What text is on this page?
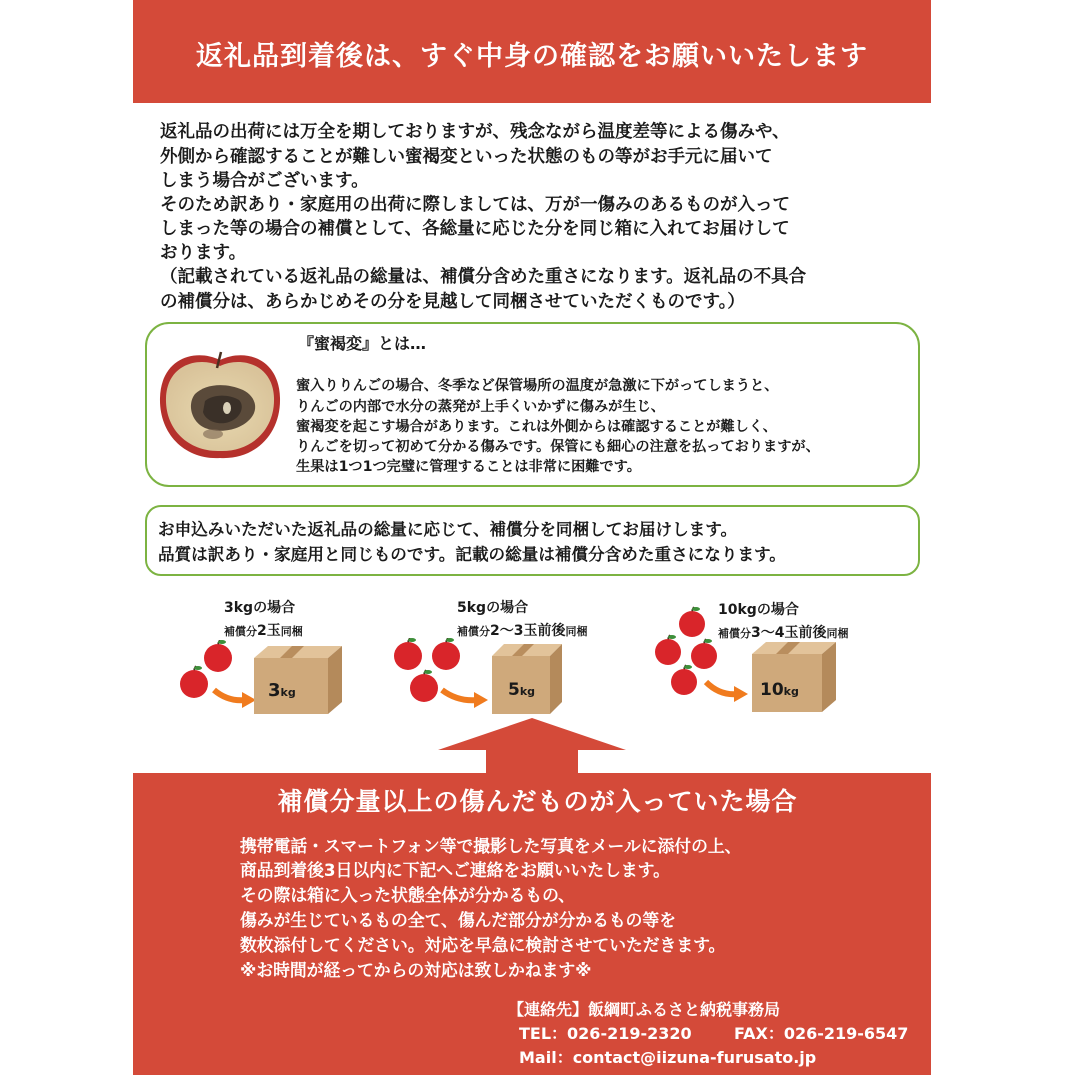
返礼品到着後は、すぐ中身の確認をお願いいたします
返礼品の出荷には万全を期しておりますが、残念ながら温度差等による傷みや、
外側から確認することが難しい蜜褐変といった状態のもの等がお手元に届いて
しまう場合がございます。
そのため訳あり・家庭用の出荷に際しましては、万が一傷みのあるものが入って
しまった等の場合の補償として、各総量に応じた分を同じ箱に入れてお届けして
おります。
（記載されている返礼品の総量は、補償分含めた重さになります。返礼品の不具合
の補償分は、あらかじめその分を見越して同梱させていただくものです。）
『蜜褐変』とは…
蜜入りりんごの場合、冬季など保管場所の温度が急激に下がってしまうと、
りんごの内部で水分の蒸発が上手くいかずに傷みが生じ、
蜜褐変を起こす場合があります。これは外側からは確認することが難しく、
りんごを切って初めて分かる傷みです。保管にも細心の注意を払っておりますが、
生果は1つ1つ完璧に管理することは非常に困難です。
お申込みいただいた返礼品の総量に応じて、補償分を同梱してお届けします。
品質は訳あり・家庭用と同じものです。記載の総量は補償分含めた重さになります。
3kgの場合
補償分2玉同梱
3kg
5kgの場合
補償分2〜3玉前後同梱
5kg
10kgの場合
補償分3〜4玉前後同梱
10kg
補償分量以上の傷んだものが入っていた場合
携帯電話・スマートフォン等で撮影した写真をメールに添付の上、
商品到着後3日以内に下記へご連絡をお願いいたします。
その際は箱に入った状態全体が分かるもの、
傷みが生じているもの全て、傷んだ部分が分かるもの等を
数枚添付してください。対応を早急に検討させていただきます。
※お時間が経ってからの対応は致しかねます※
【連絡先】飯綱町ふるさと納税事務局
TEL：026-219-2320	FAX：026-219-6547
Mail：contact@iizuna-furusato.jp
